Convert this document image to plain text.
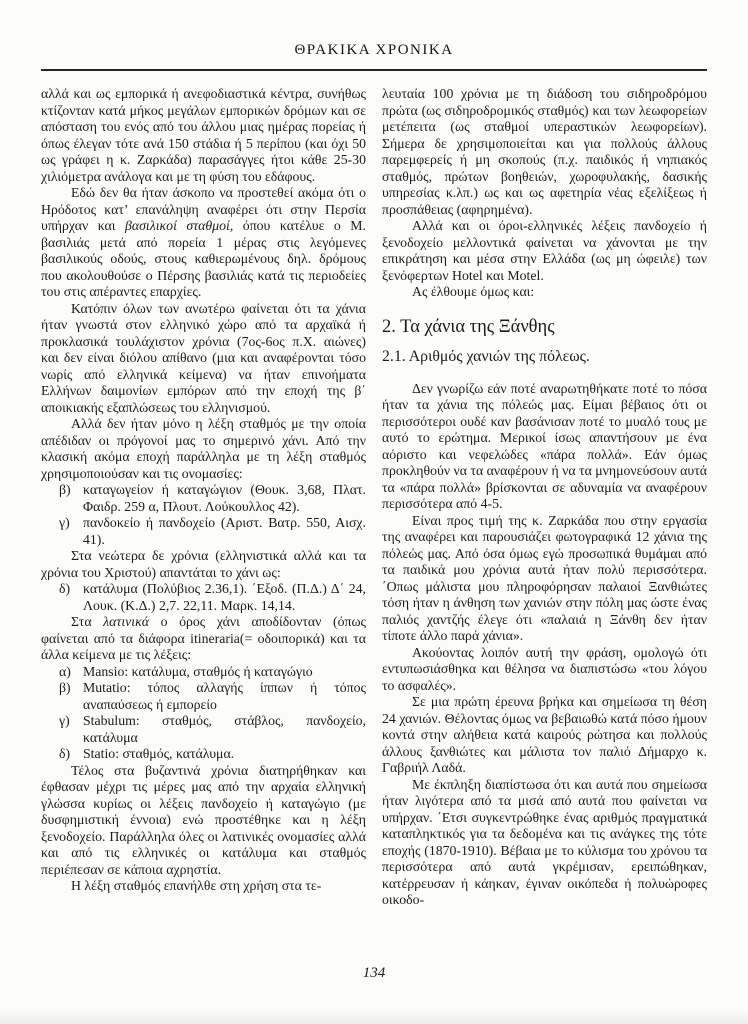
ΘΡΑΚΙΚΑ ΧΡΟΝΙΚΑ

αλλά και ως εμπορικά ή ανεφοδιαστικά κέντρα, συνήθως κτίζονταν κατά μήκος μεγάλων εμπορικών δρόμων και σε απόσταση του ενός από του άλλου μιας ημέρας πορείας ή όπως έλεγαν τότε ανά 150 στάδια ή 5 περίπου (και όχι 50 ως γράφει η κ. Ζαρκάδα) παρασάγγες ήτοι κάθε 25-30 χιλιόμετρα ανάλογα και με τη φύση του εδάφους.

Εδώ δεν θα ήταν άσκοπο να προστεθεί ακόμα ότι ο Ηρόδοτος κατ’ επανάληψη αναφέρει ότι στην Περσία υπήρχαν και βασιλικοί σταθμοί, όπου κατέλυε ο Μ. βασιλιάς μετά από πορεία 1 μέρας στις λεγόμενες βασιλικούς οδούς, στους καθιερωμένους δηλ. δρόμους που ακολουθούσε ο Πέρσης βασιλιάς κατά τις περιοδείες του στις απέραντες επαρχίες.

Κατόπιν όλων των ανωτέρω φαίνεται ότι τα χάνια ήταν γνωστά στον ελληνικό χώρο από τα αρχαϊκά ή προκλασικά τουλάχιστον χρόνια (7ος-6ος π.Χ. αιώνες) και δεν είναι διόλου απίθανο (μια και αναφέρονται τόσο νωρίς από ελληνικά κείμενα) να ήταν επινοήματα Ελλήνων δαιμονίων εμπόρων από την εποχή της β΄ αποικιακής εξαπλώσεως του ελληνισμού.

Αλλά δεν ήταν μόνο η λέξη σταθμός με την οποία απέδιδαν οι πρόγονοί μας το σημερινό χάνι. Από την κλασική ακόμα εποχή παράλληλα με τη λέξη σταθμός χρησιμοποιούσαν και τις ονομασίες:

β) καταγωγείον ή καταγώγιον (Θουκ. 3,68, Πλατ. Φαιδρ. 259 α, Πλουτ. Λούκουλλος 42).
γ) πανδοκείο ή πανδοχείο (Αριστ. Βατρ. 550, Αισχ. 41).

Στα νεώτερα δε χρόνια (ελληνιστικά αλλά και τα χρόνια του Χριστού) απαντάται το χάνι ως:

δ) κατάλυμα (Πολύβιος 2.36,1). ΄Εξοδ. (Π.Δ.) Δ΄ 24, Λουκ. (Κ.Δ.) 2,7. 22,11. Μαρκ. 14,14.

Στα λατινικά ο όρος χάνι αποδίδονταν (όπως φαίνεται από τα διάφορα itineraria(= οδοιπορικά) και τα άλλα κείμενα με τις λέξεις:

α) Mansio: κατάλυμα, σταθμός ή καταγώγιο
β) Mutatio: τόπος αλλαγής ίππων ή τόπος αναπαύσεως ή εμπορείο
γ) Stabulum: σταθμός, στάβλος, πανδοχείο, κατάλυμα
δ) Statio: σταθμός, κατάλυμα.

Τέλος στα βυζαντινά χρόνια διατηρήθηκαν και έφθασαν μέχρι τις μέρες μας από την αρχαία ελληνική γλώσσα κυρίως οι λέξεις πανδοχείο ή καταγώγιο (με δυσφημιστική έννοια) ενώ προστέθηκε και η λέξη ξενοδοχείο. Παράλληλα όλες οι λατινικές ονομασίες αλλά και από τις ελληνικές οι κατάλυμα και σταθμός περιέπεσαν σε κάποια αχρηστία.

Η λέξη σταθμός επανήλθε στη χρήση στα τε-

λευταία 100 χρόνια με τη διάδοση του σιδηροδρόμου πρώτα (ως σιδηροδρομικός σταθμός) και των λεωφορείων μετέπειτα (ως σταθμοί υπεραστικών λεωφορείων). Σήμερα δε χρησιμοποιείται και για πολλούς άλλους παρεμφερείς ή μη σκοπούς (π.χ. παιδικός ή νηπιακός σταθμός, πρώτων βοηθειών, χωροφυλακής, δασικής υπηρεσίας κ.λπ.) ως και ως αφετηρία νέας εξελίξεως ή προσπάθειας (αφηρημένα).

Αλλά και οι όροι-ελληνικές λέξεις πανδοχείο ή ξενοδοχείο μελλοντικά φαίνεται να χάνονται με την επικράτηση και μέσα στην Ελλάδα (ως μη ώφειλε) των ξενόφερτων Hotel και Motel.

Ας έλθουμε όμως και:

2. Τα χάνια της Ξάνθης
2.1. Αριθμός χανιών της πόλεως.

Δεν γνωρίζω εάν ποτέ αναρωτηθήκατε ποτέ το πόσα ήταν τα χάνια της πόλεώς μας. Είμαι βέβαιος ότι οι περισσότεροι ουδέ καν βασάνισαν ποτέ το μυαλό τους με αυτό το ερώτημα. Μερικοί ίσως απαντήσουν με ένα αόριστο και νεφελώδες «πάρα πολλά». Εάν όμως προκληθούν να τα αναφέρουν ή να τα μνημονεύσουν αυτά τα «πάρα πολλά» βρίσκονται σε αδυναμία να αναφέρουν περισσότερα από 4-5.

Είναι προς τιμή της κ. Ζαρκάδα που στην εργασία της αναφέρει και παρουσιάζει φωτογραφικά 12 χάνια της πόλεώς μας. Από όσα όμως εγώ προσωπικά θυμάμαι από τα παιδικά μου χρόνια αυτά ήταν πολύ περισσότερα. ΄Οπως μάλιστα μου πληροφόρησαν παλαιοί Ξανθιώτες τόση ήταν η άνθηση των χανιών στην πόλη μας ώστε ένας παλιός χαντζής έλεγε ότι «παλαιά η Ξάνθη δεν ήταν τίποτε άλλο παρά χάνια».

Ακούοντας λοιπόν αυτή την φράση, ομολογώ ότι εντυπωσιάσθηκα και θέλησα να διαπιστώσω «του λόγου το ασφαλές».

Σε μια πρώτη έρευνα βρήκα και σημείωσα τη θέση 24 χανιών. Θέλοντας όμως να βεβαιωθώ κατά πόσο ήμουν κοντά στην αλήθεια κατά καιρούς ρώτησα και πολλούς άλλους ξανθιώτες και μάλιστα τον παλιό Δήμαρχο κ. Γαβριήλ Λαδά.

Με έκπληξη διαπίστωσα ότι και αυτά που σημείωσα ήταν λιγότερα από τα μισά από αυτά που φαίνεται να υπήρχαν. ΄Ετσι συγκεντρώθηκε ένας αριθμός πραγματικά καταπληκτικός για τα δεδομένα και τις ανάγκες της τότε εποχής (1870-1910). Βέβαια με το κύλισμα του χρόνου τα περισσότερα από αυτά γκρέμισαν, ερειπώθηκαν, κατέρρευσαν ή κάηκαν, έγιναν οικόπεδα ή πολυώροφες οικοδο-

134
